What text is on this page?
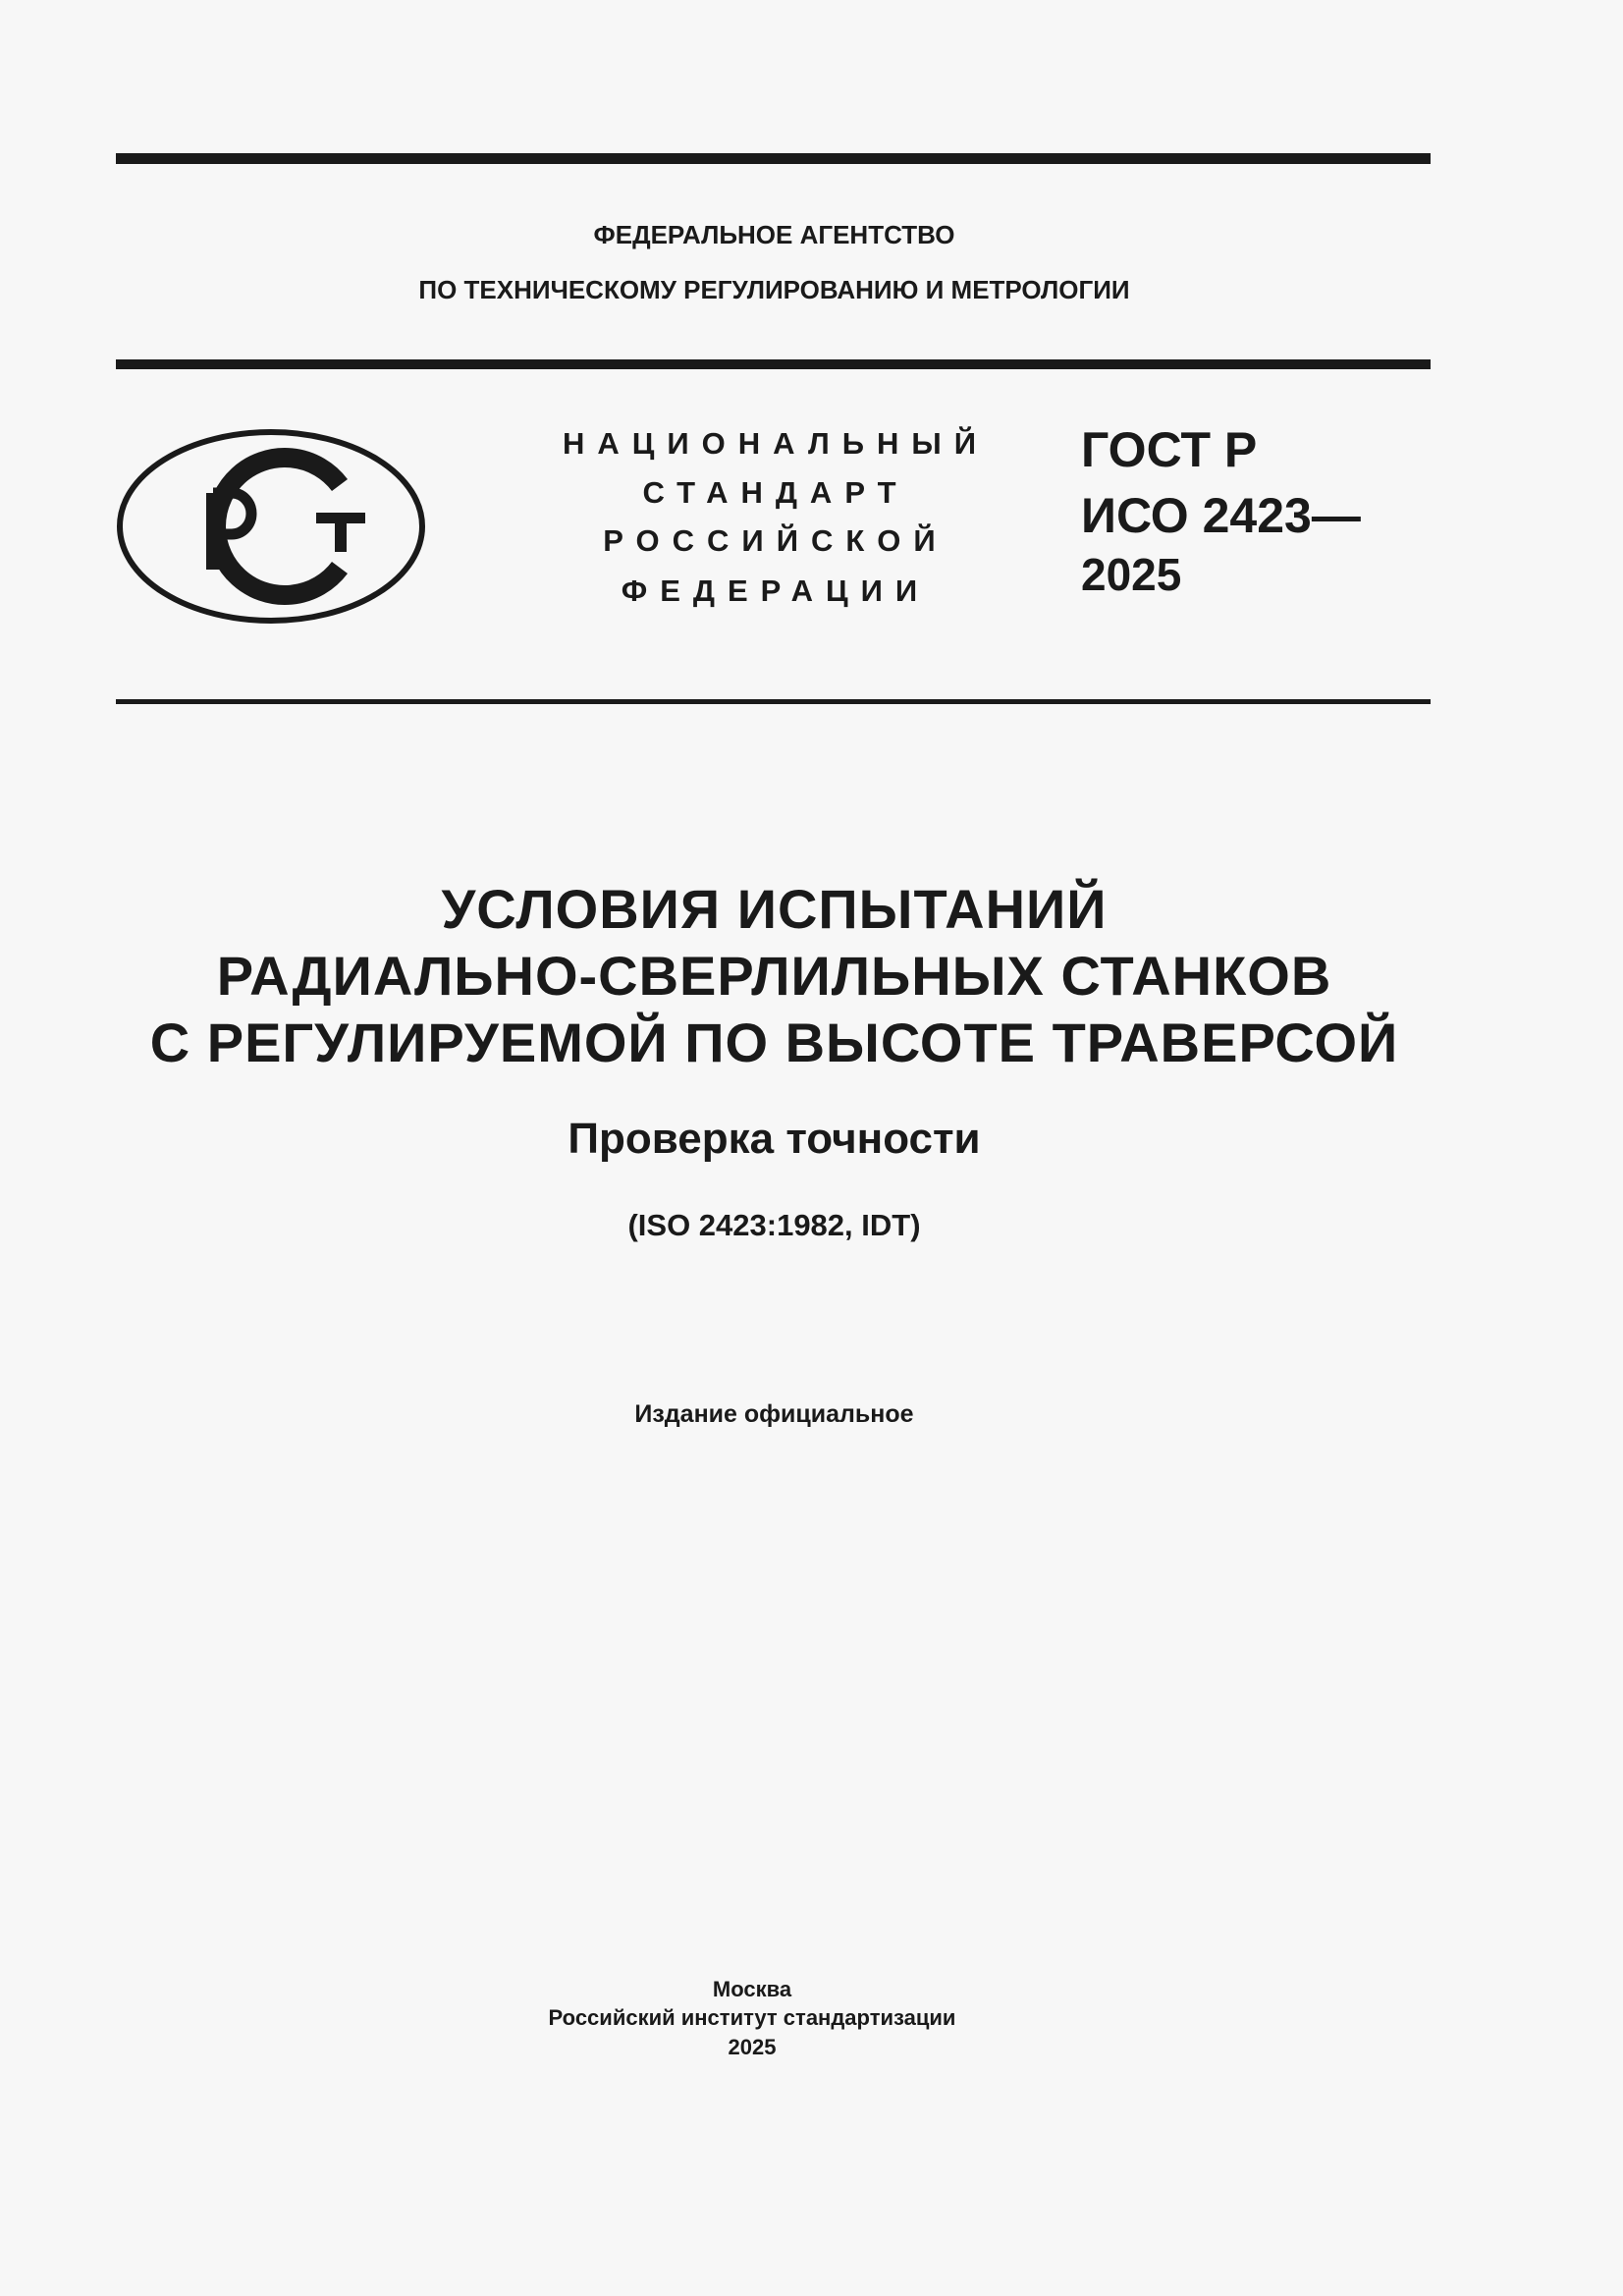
ФЕДЕРАЛЬНОЕ АГЕНТСТВО
ПО ТЕХНИЧЕСКОМУ РЕГУЛИРОВАНИЮ И МЕТРОЛОГИИ
НАЦИОНАЛЬНЫЙ
СТАНДАРТ
РОССИЙСКОЙ
ФЕДЕРАЦИИ
ГОСТ Р
ИСО 2423—
2025
УСЛОВИЯ ИСПЫТАНИЙ
РАДИАЛЬНО-СВЕРЛИЛЬНЫХ СТАНКОВ
С РЕГУЛИРУЕМОЙ ПО ВЫСОТЕ ТРАВЕРСОЙ
Проверка точности
(ISO 2423:1982, IDT)
Издание официальное
Москва
Российский институт стандартизации
2025
